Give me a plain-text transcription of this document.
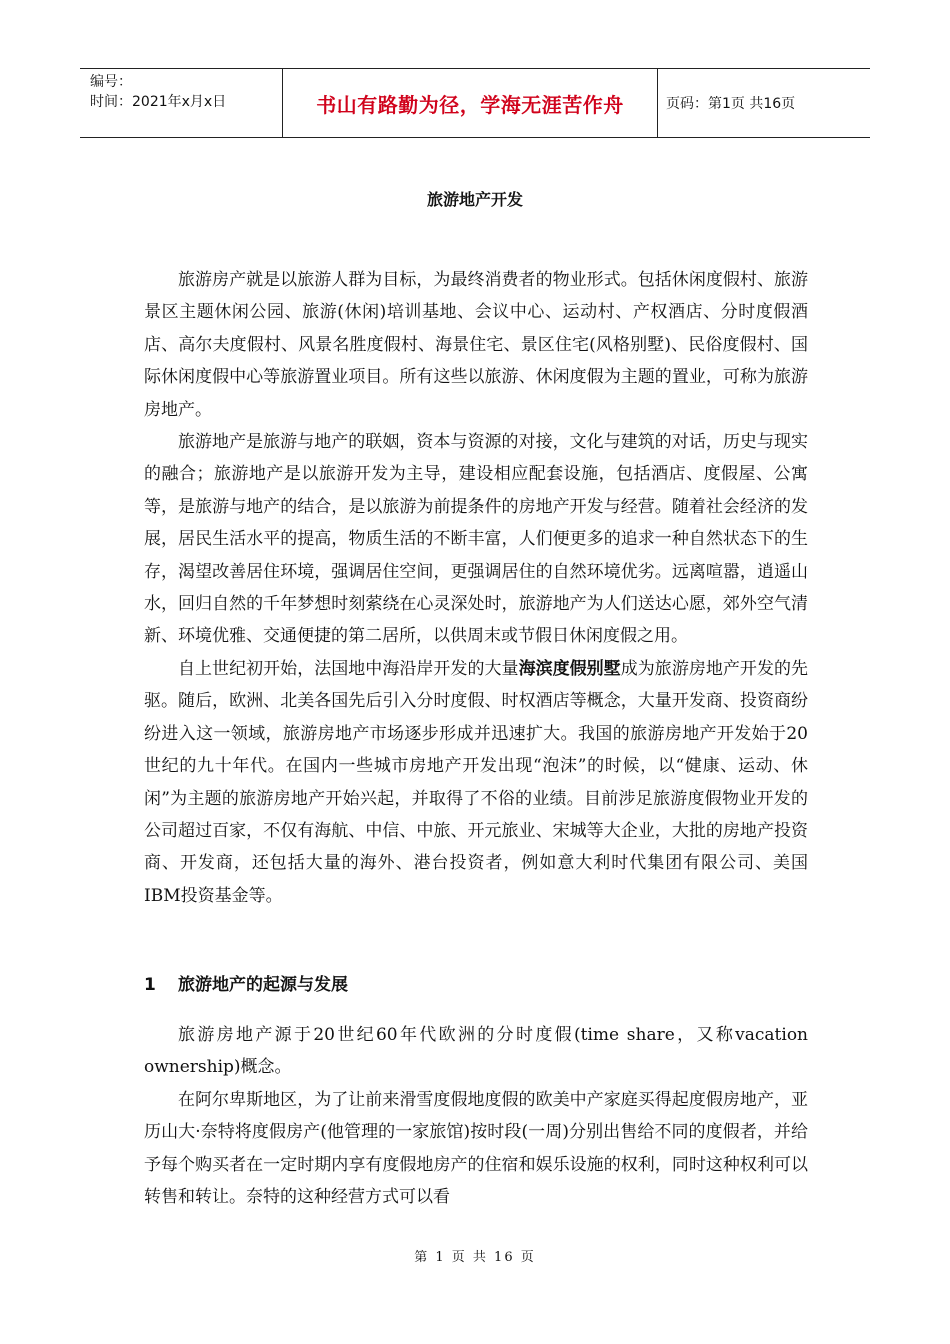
编号：
时间：2021年x月x日	书山有路勤为径，学海无涯苦作舟	页码：第1页 共16页
旅游地产开发

旅游房产就是以旅游人群为目标，为最终消费者的物业形式。包括休闲度假村、旅游景区主题休闲公园、旅游(休闲)培训基地、会议中心、运动村、产权酒店、分时度假酒店、高尔夫度假村、风景名胜度假村、海景住宅、景区住宅(风格别墅)、民俗度假村、国际休闲度假中心等旅游置业项目。所有这些以旅游、休闲度假为主题的置业，可称为旅游房地产。

旅游地产是旅游与地产的联姻，资本与资源的对接，文化与建筑的对话，历史与现实的融合；旅游地产是以旅游开发为主导，建设相应配套设施，包括酒店、度假屋、公寓等，是旅游与地产的结合，是以旅游为前提条件的房地产开发与经营。随着社会经济的发展，居民生活水平的提高，物质生活的不断丰富，人们便更多的追求一种自然状态下的生存，渴望改善居住环境，强调居住空间，更强调居住的自然环境优劣。远离喧嚣，逍遥山水，回归自然的千年梦想时刻萦绕在心灵深处时，旅游地产为人们送达心愿，郊外空气清新、环境优雅、交通便捷的第二居所，以供周末或节假日休闲度假之用。

自上世纪初开始，法国地中海沿岸开发的大量海滨度假别墅成为旅游房地产开发的先驱。随后，欧洲、北美各国先后引入分时度假、时权酒店等概念，大量开发商、投资商纷纷进入这一领域，旅游房地产市场逐步形成并迅速扩大。我国的旅游房地产开发始于20世纪的九十年代。在国内一些城市房地产开发出现“泡沫”的时候，以“健康、运动、休闲”为主题的旅游房地产开始兴起，并取得了不俗的业绩。目前涉足旅游度假物业开发的公司超过百家，不仅有海航、中信、中旅、开元旅业、宋城等大企业，大批的房地产投资商、开发商，还包括大量的海外、港台投资者，例如意大利时代集团有限公司、美国IBM投资基金等。

1 旅游地产的起源与发展

旅游房地产源于20世纪60年代欧洲的分时度假(time share，又称vacation ownership)概念。

在阿尔卑斯地区，为了让前来滑雪度假地度假的欧美中产家庭买得起度假房地产，亚历山大·奈特将度假房产(他管理的一家旅馆)按时段(一周)分别出售给不同的度假者，并给予每个购买者在一定时期内享有度假地房产的住宿和娱乐设施的权利，同时这种权利可以转售和转让。奈特的这种经营方式可以看

第 1 页 共 16 页
